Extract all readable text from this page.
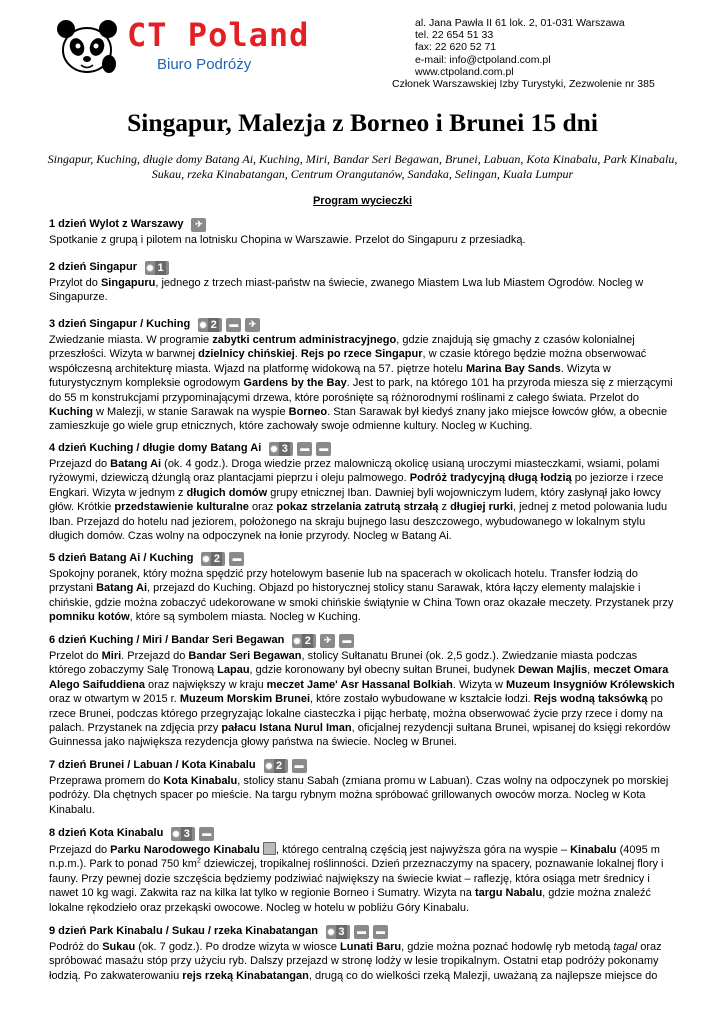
CT Poland
Biuro Podróży
al. Jana Pawła II 61 lok. 2, 01-031 Warszawa
tel. 22 654 51 33
fax: 22 620 52 71
e-mail: info@ctpoland.com.pl
www.ctpoland.com.pl
Członek Warszawskiej Izby Turystyki, Zezwolenie nr 385
Singapur, Malezja z Borneo i Brunei 15 dni
Singapur, Kuching, długie domy Batang Ai, Kuching, Miri, Bandar Seri Begawan, Brunei, Labuan, Kota Kinabalu, Park Kinabalu, Sukau, rzeka Kinabatangan, Centrum Orangutanów, Sandaka, Selingan, Kuala Lumpur
Program wycieczki
1 dzień Wylot z Warszawy	✈
Spotkanie z grupą i pilotem na lotnisku Chopina w Warszawie. Przelot do Singapuru z przesiadką.
2 dzień Singapur 1
Przylot do Singapuru, jednego z trzech miast-państw na świecie, zwanego Miastem Lwa lub Miastem Ogrodów. Nocleg w Singapurze.
3 dzień Singapur / Kuching 2	▬	✈
Zwiedzanie miasta. W programie zabytki centrum administracyjnego, gdzie znajdują się gmachy z czasów kolonialnej przeszłości. Wizyta w barwnej dzielnicy chińskiej. Rejs po rzece Singapur, w czasie którego będzie można obserwować współczesną architekturę miasta. Wjazd na platformę widokową na 57. piętrze hotelu Marina Bay Sands. Wizyta w futurystycznym kompleksie ogrodowym Gardens by the Bay. Jest to park, na którego 101 ha przyroda miesza się z mierzącymi do 55 m konstrukcjami przypominającymi drzewa, które porośnięte są różnorodnymi roślinami z całego świata. Przelot do Kuching w Malezji, w stanie Sarawak na wyspie Borneo. Stan Sarawak był kiedyś znany jako miejsce łowców głów, a obecnie zamieszkuje go wiele grup etnicznych, które zachowały swoje odmienne kultury. Nocleg w Kuching.
4 dzień Kuching / długie domy Batang Ai 3	▬	▬
Przejazd do Batang Ai (ok. 4 godz.). Droga wiedzie przez malowniczą okolicę usianą uroczymi miasteczkami, wsiami, polami ryżowymi, dziewiczą dżunglą oraz plantacjami pieprzu i oleju palmowego. Podróż tradycyjną długą łodzią po jeziorze i rzece Engkari. Wizyta w jednym z długich domów grupy etnicznej Iban. Dawniej byli wojowniczym ludem, który zasłynął jako łowcy głów. Krótkie przedstawienie kulturalne oraz pokaz strzelania zatrutą strzałą z długiej rurki, jednej z metod polowania ludu Iban. Przejazd do hotelu nad jeziorem, położonego na skraju bujnego lasu deszczowego, wybudowanego w lokalnym stylu długich domów. Czas wolny na odpoczynek na łonie przyrody. Nocleg w Batang Ai.
5 dzień Batang Ai / Kuching 2	▬
Spokojny poranek, który można spędzić przy hotelowym basenie lub na spacerach w okolicach hotelu. Transfer łodzią do przystani Batang Ai, przejazd do Kuching. Objazd po historycznej stolicy stanu Sarawak, która łączy elementy malajskie i chińskie, gdzie można zobaczyć udekorowane w smoki chińskie świątynie w China Town oraz okazałe meczety. Przystanek przy pomniku kotów, które są symbolem miasta. Nocleg w Kuching.
6 dzień Kuching / Miri / Bandar Seri Begawan 2	✈	▬
Przelot do Miri. Przejazd do Bandar Seri Begawan, stolicy Sułtanatu Brunei (ok. 2,5 godz.). Zwiedzanie miasta podczas którego zobaczymy Salę Tronową Lapau, gdzie koronowany był obecny sułtan Brunei, budynek Dewan Majlis, meczet Omara Alego Saifuddiena oraz największy w kraju meczet Jame' Asr Hassanal Bolkiah. Wizyta w Muzeum Insygniów Królewskich oraz w otwartym w 2015 r. Muzeum Morskim Brunei, które zostało wybudowane w kształcie łodzi. Rejs wodną taksówką po rzece Brunei, podczas którego przegryzając lokalne ciasteczka i pijąc herbatę, można obserwować życie przy rzece i domy na palach. Przystanek na zdjęcia przy pałacu Istana Nurul Iman, oficjalnej rezydencji sułtana Brunei, wpisanej do księgi rekordów Guinnessa jako największa rezydencja głowy państwa na świecie. Nocleg w Brunei.
7 dzień Brunei / Labuan / Kota Kinabalu 2	▬
Przeprawa promem do Kota Kinabalu, stolicy stanu Sabah (zmiana promu w Labuan). Czas wolny na odpoczynek po morskiej podróży. Dla chętnych spacer po mieście. Na targu rybnym można spróbować grillowanych owoców morza. Nocleg w Kota Kinabalu.
8 dzień Kota Kinabalu 3	▬
Przejazd do Parku Narodowego Kinabalu , którego centralną częścią jest najwyższa góra na wyspie – Kinabalu (4095 m n.p.m.). Park to ponad 750 $km^2$ dziewiczej, tropikalnej roślinności. Dzień przeznaczymy na spacery, poznawanie lokalnej flory i fauny. Przy pewnej dozie szczęścia będziemy podziwiać największy na świecie kwiat – raflezję, która osiąga metr średnicy i nawet 10 kg wagi. Zakwita raz na kilka lat tylko w regionie Borneo i Sumatry. Wizyta na targu Nabalu, gdzie można znaleźć lokalne rękodzieło oraz przekąski owocowe. Nocleg w hotelu w pobliżu Góry Kinabalu.
9 dzień Park Kinabalu / Sukau / rzeka Kinabatangan 3	▬	▬
Podróż do Sukau (ok. 7 godz.). Po drodze wizyta w wiosce Lunati Baru, gdzie można poznać hodowlę ryb metodą tagal oraz spróbować masażu stóp przy użyciu ryb. Dalszy przejazd w stronę lodży w lesie tropikalnym. Ostatni etap podróży pokonamy łodzią. Po zakwaterowaniu rejs rzeką Kinabatangan, drugą co do wielkości rzeką Malezji, uważaną za najlepsze miejsce do
